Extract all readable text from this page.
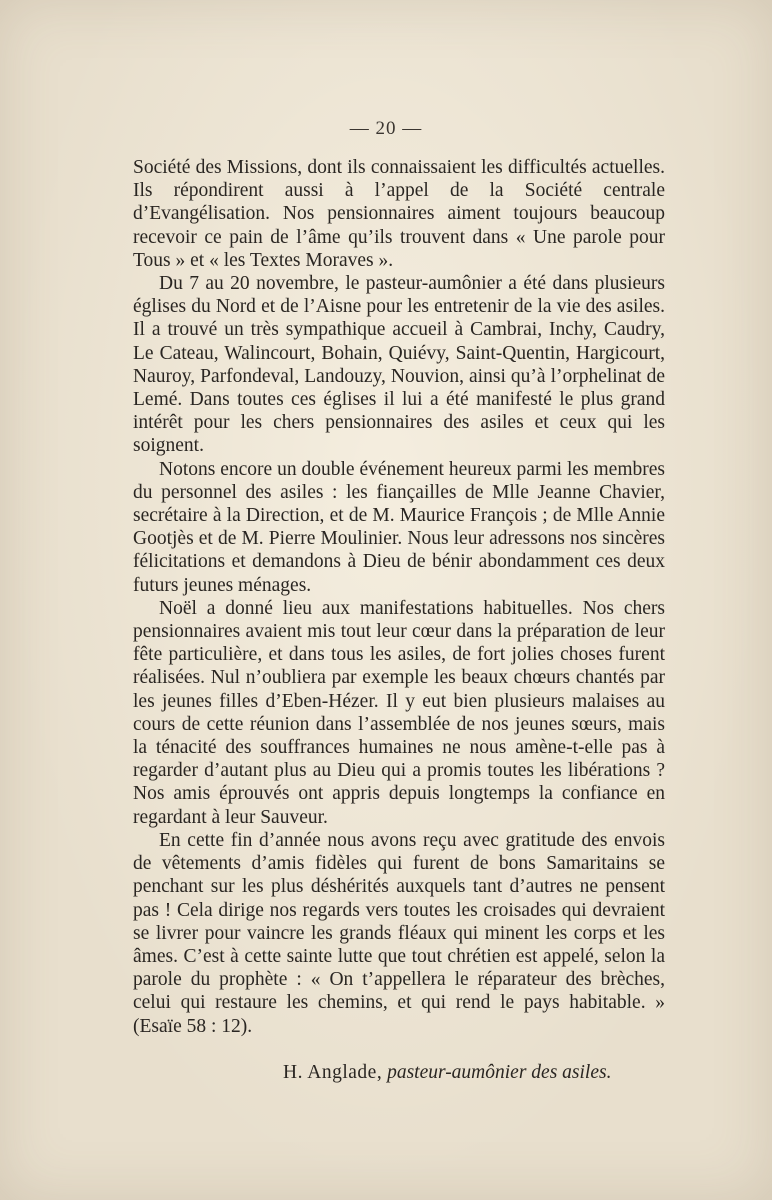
— 20 —

Société des Missions, dont ils connaissaient les difficultés actuelles. Ils répondirent aussi à l’appel de la Société centrale d’Evangélisation. Nos pensionnaires aiment toujours beaucoup recevoir ce pain de l’âme qu’ils trouvent dans « Une parole pour Tous » et « les Textes Moraves ».

Du 7 au 20 novembre, le pasteur-aumônier a été dans plusieurs églises du Nord et de l’Aisne pour les entretenir de la vie des asiles. Il a trouvé un très sympathique accueil à Cambrai, Inchy, Caudry, Le Cateau, Walincourt, Bohain, Quiévy, Saint-Quentin, Hargicourt, Nauroy, Parfondeval, Landouzy, Nouvion, ainsi qu’à l’orphelinat de Lemé. Dans toutes ces églises il lui a été manifesté le plus grand intérêt pour les chers pensionnaires des asiles et ceux qui les soignent.

Notons encore un double événement heureux parmi les membres du personnel des asiles : les fiançailles de Mlle Jeanne Chavier, secrétaire à la Direction, et de M. Maurice François ; de Mlle Annie Gootjès et de M. Pierre Moulinier. Nous leur adressons nos sincères félicitations et demandons à Dieu de bénir abondamment ces deux futurs jeunes ménages.

Noël a donné lieu aux manifestations habituelles. Nos chers pensionnaires avaient mis tout leur cœur dans la préparation de leur fête particulière, et dans tous les asiles, de fort jolies choses furent réalisées. Nul n’oubliera par exemple les beaux chœurs chantés par les jeunes filles d’Eben-Hézer. Il y eut bien plusieurs malaises au cours de cette réunion dans l’assemblée de nos jeunes sœurs, mais la ténacité des souffrances humaines ne nous amène-t-elle pas à regarder d’autant plus au Dieu qui a promis toutes les libérations ? Nos amis éprouvés ont appris depuis longtemps la confiance en regardant à leur Sauveur.

En cette fin d’année nous avons reçu avec gratitude des envois de vêtements d’amis fidèles qui furent de bons Samaritains se penchant sur les plus déshérités auxquels tant d’autres ne pensent pas ! Cela dirige nos regards vers toutes les croisades qui devraient se livrer pour vaincre les grands fléaux qui minent les corps et les âmes. C’est à cette sainte lutte que tout chrétien est appelé, selon la parole du prophète : « On t’appellera le réparateur des brèches, celui qui restaure les chemins, et qui rend le pays habitable. » (Esaïe 58 : 12).

H. Anglade, pasteur-aumônier des asiles.
